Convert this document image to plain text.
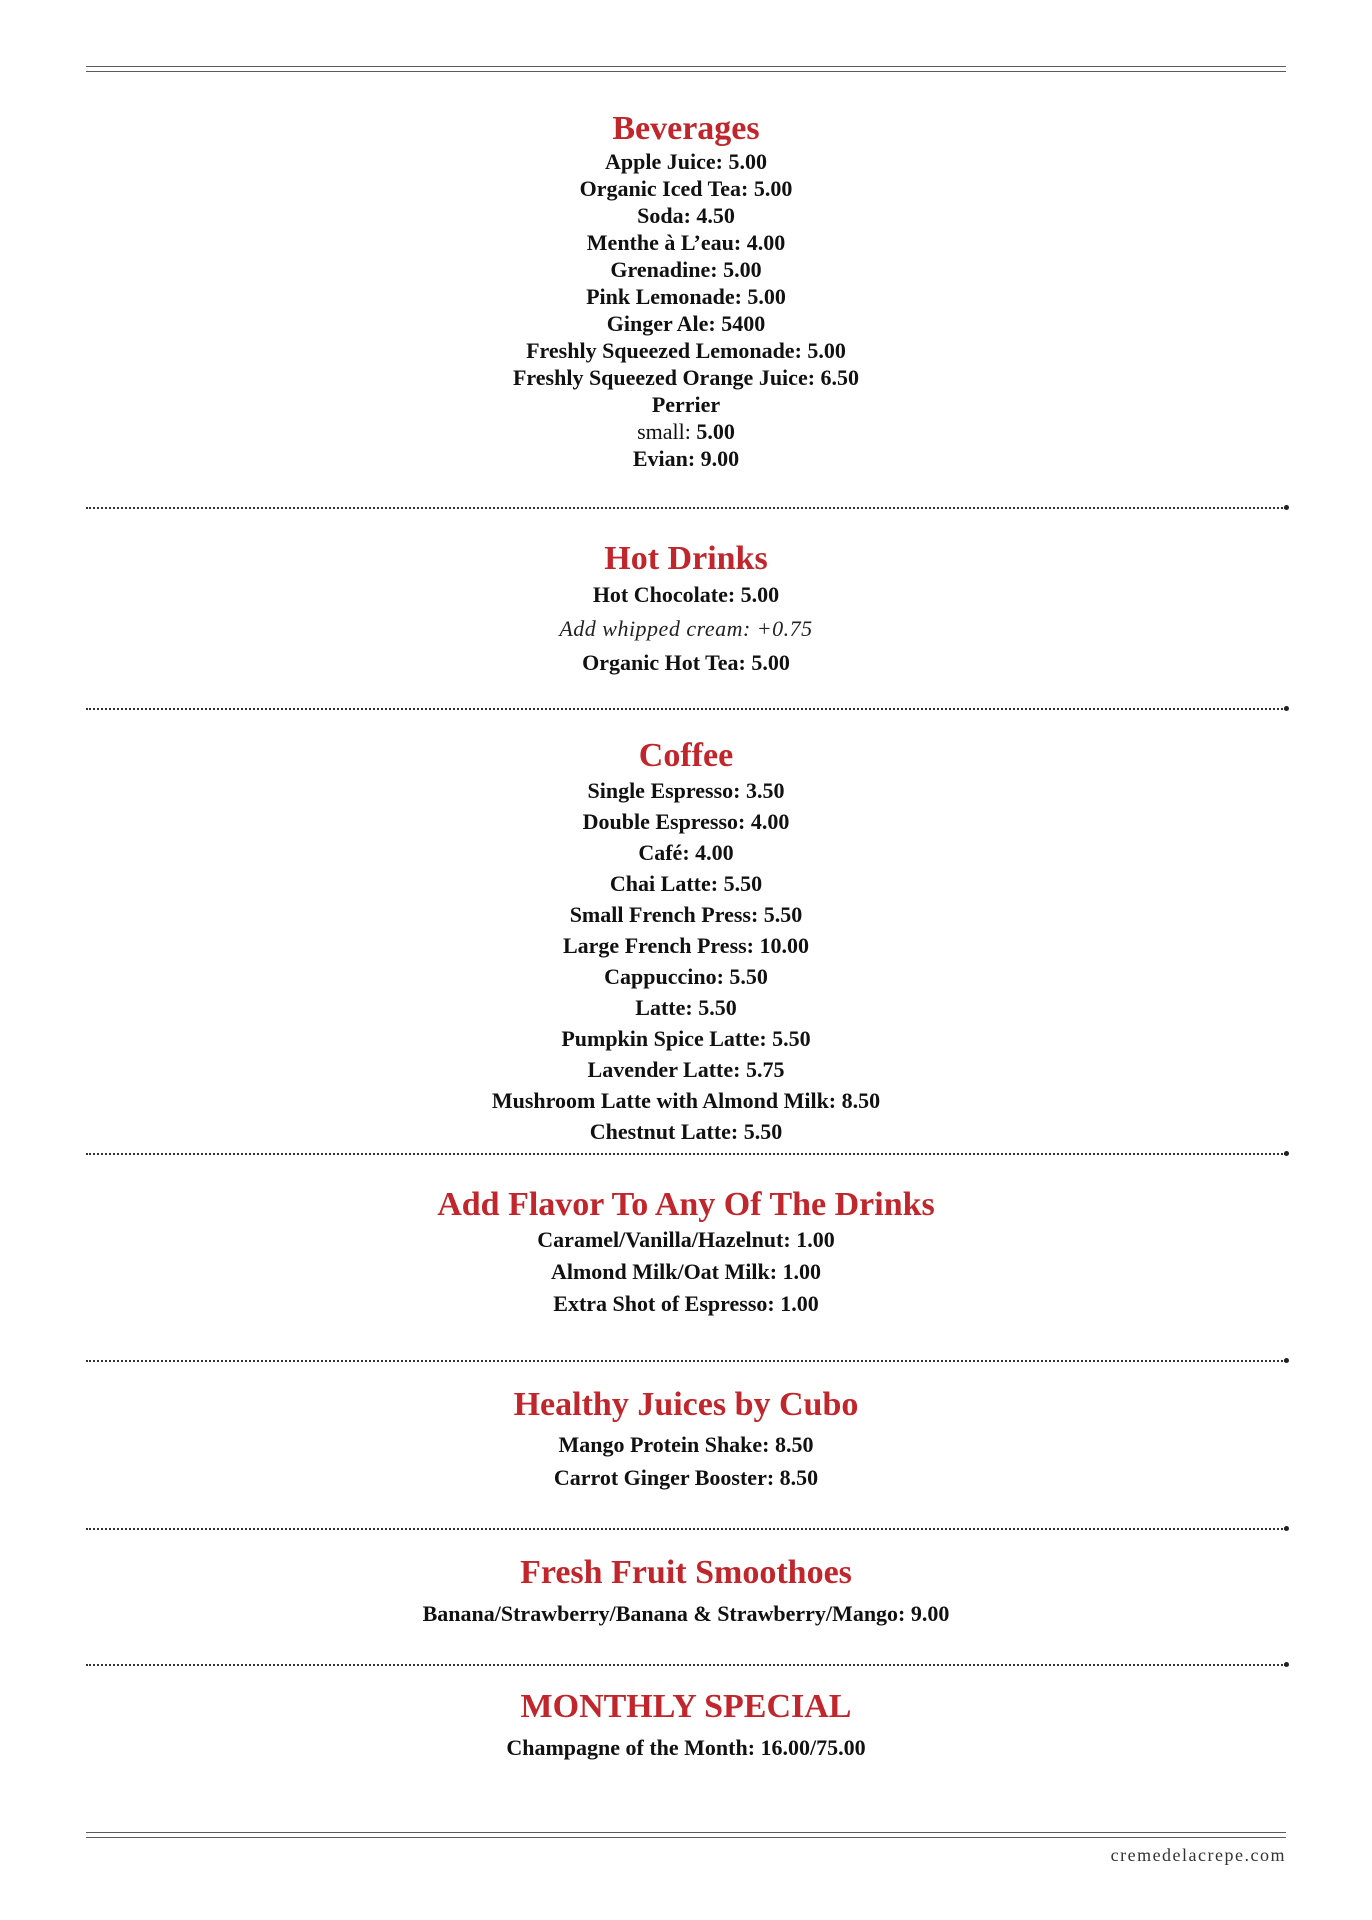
Beverages
Apple Juice: 5.00
Organic Iced Tea: 5.00
Soda: 4.50
Menthe à L’eau: 4.00
Grenadine: 5.00
Pink Lemonade: 5.00
Ginger Ale: 5400
Freshly Squeezed Lemonade: 5.00
Freshly Squeezed Orange Juice: 6.50
Perrier
small: 5.00
Evian: 9.00
Hot Drinks
Hot Chocolate: 5.00
Add whipped cream: +0.75
Organic Hot Tea: 5.00
Coffee
Single Espresso: 3.50
Double Espresso: 4.00
Café: 4.00
Chai Latte: 5.50
Small French Press: 5.50
Large French Press: 10.00
Cappuccino: 5.50
Latte: 5.50
Pumpkin Spice Latte: 5.50
Lavender Latte: 5.75
Mushroom Latte with Almond Milk: 8.50
Chestnut Latte: 5.50
Add Flavor To Any Of The Drinks
Caramel/Vanilla/Hazelnut: 1.00
Almond Milk/Oat Milk: 1.00
Extra Shot of Espresso: 1.00
Healthy Juices by Cubo
Mango Protein Shake: 8.50
Carrot Ginger Booster: 8.50
Fresh Fruit Smoothoes
Banana/Strawberry/Banana & Strawberry/Mango: 9.00
MONTHLY SPECIAL
Champagne of the Month: 16.00/75.00
cremedelacrepe.com
